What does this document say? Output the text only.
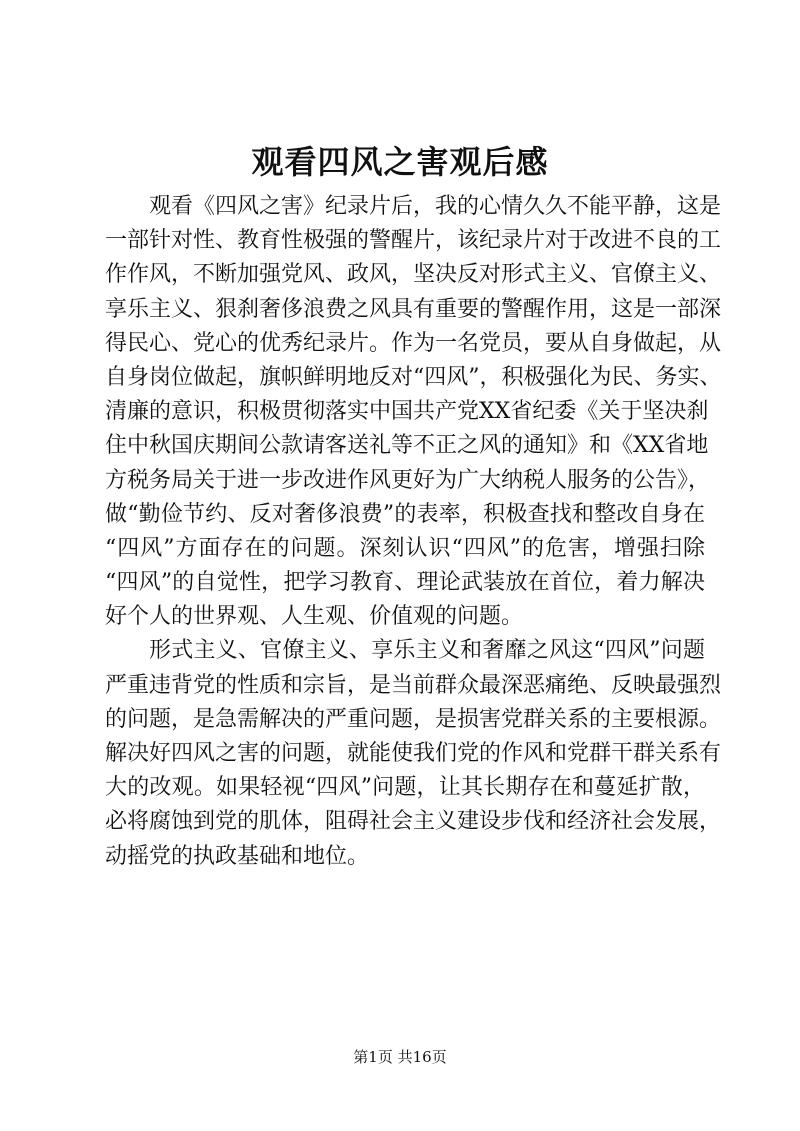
观看四风之害观后感
观看《四风之害》纪录片后，我的心情久久不能平静，这是
一部针对性、教育性极强的警醒片，该纪录片对于改进不良的工
作作风，不断加强党风、政风，坚决反对形式主义、官僚主义、
享乐主义、狠刹奢侈浪费之风具有重要的警醒作用，这是一部深
得民心、党心的优秀纪录片。作为一名党员，要从自身做起，从
自身岗位做起，旗帜鲜明地反对“四风”，积极强化为民、务实、
清廉的意识，积极贯彻落实中国共产党XX省纪委《关于坚决刹
住中秋国庆期间公款请客送礼等不正之风的通知》和《XX省地
方税务局关于进一步改进作风更好为广大纳税人服务的公告》，
做“勤俭节约、反对奢侈浪费”的表率，积极查找和整改自身在
“四风”方面存在的问题。深刻认识“四风”的危害，增强扫除
“四风”的自觉性，把学习教育、理论武装放在首位，着力解决
好个人的世界观、人生观、价值观的问题。
形式主义、官僚主义、享乐主义和奢靡之风这“四风”问题
严重违背党的性质和宗旨，是当前群众最深恶痛绝、反映最强烈
的问题，是急需解决的严重问题，是损害党群关系的主要根源。
解决好四风之害的问题，就能使我们党的作风和党群干群关系有
大的改观。如果轻视“四风”问题，让其长期存在和蔓延扩散，
必将腐蚀到党的肌体，阻碍社会主义建设步伐和经济社会发展，
动摇党的执政基础和地位。
第1页 共16页
